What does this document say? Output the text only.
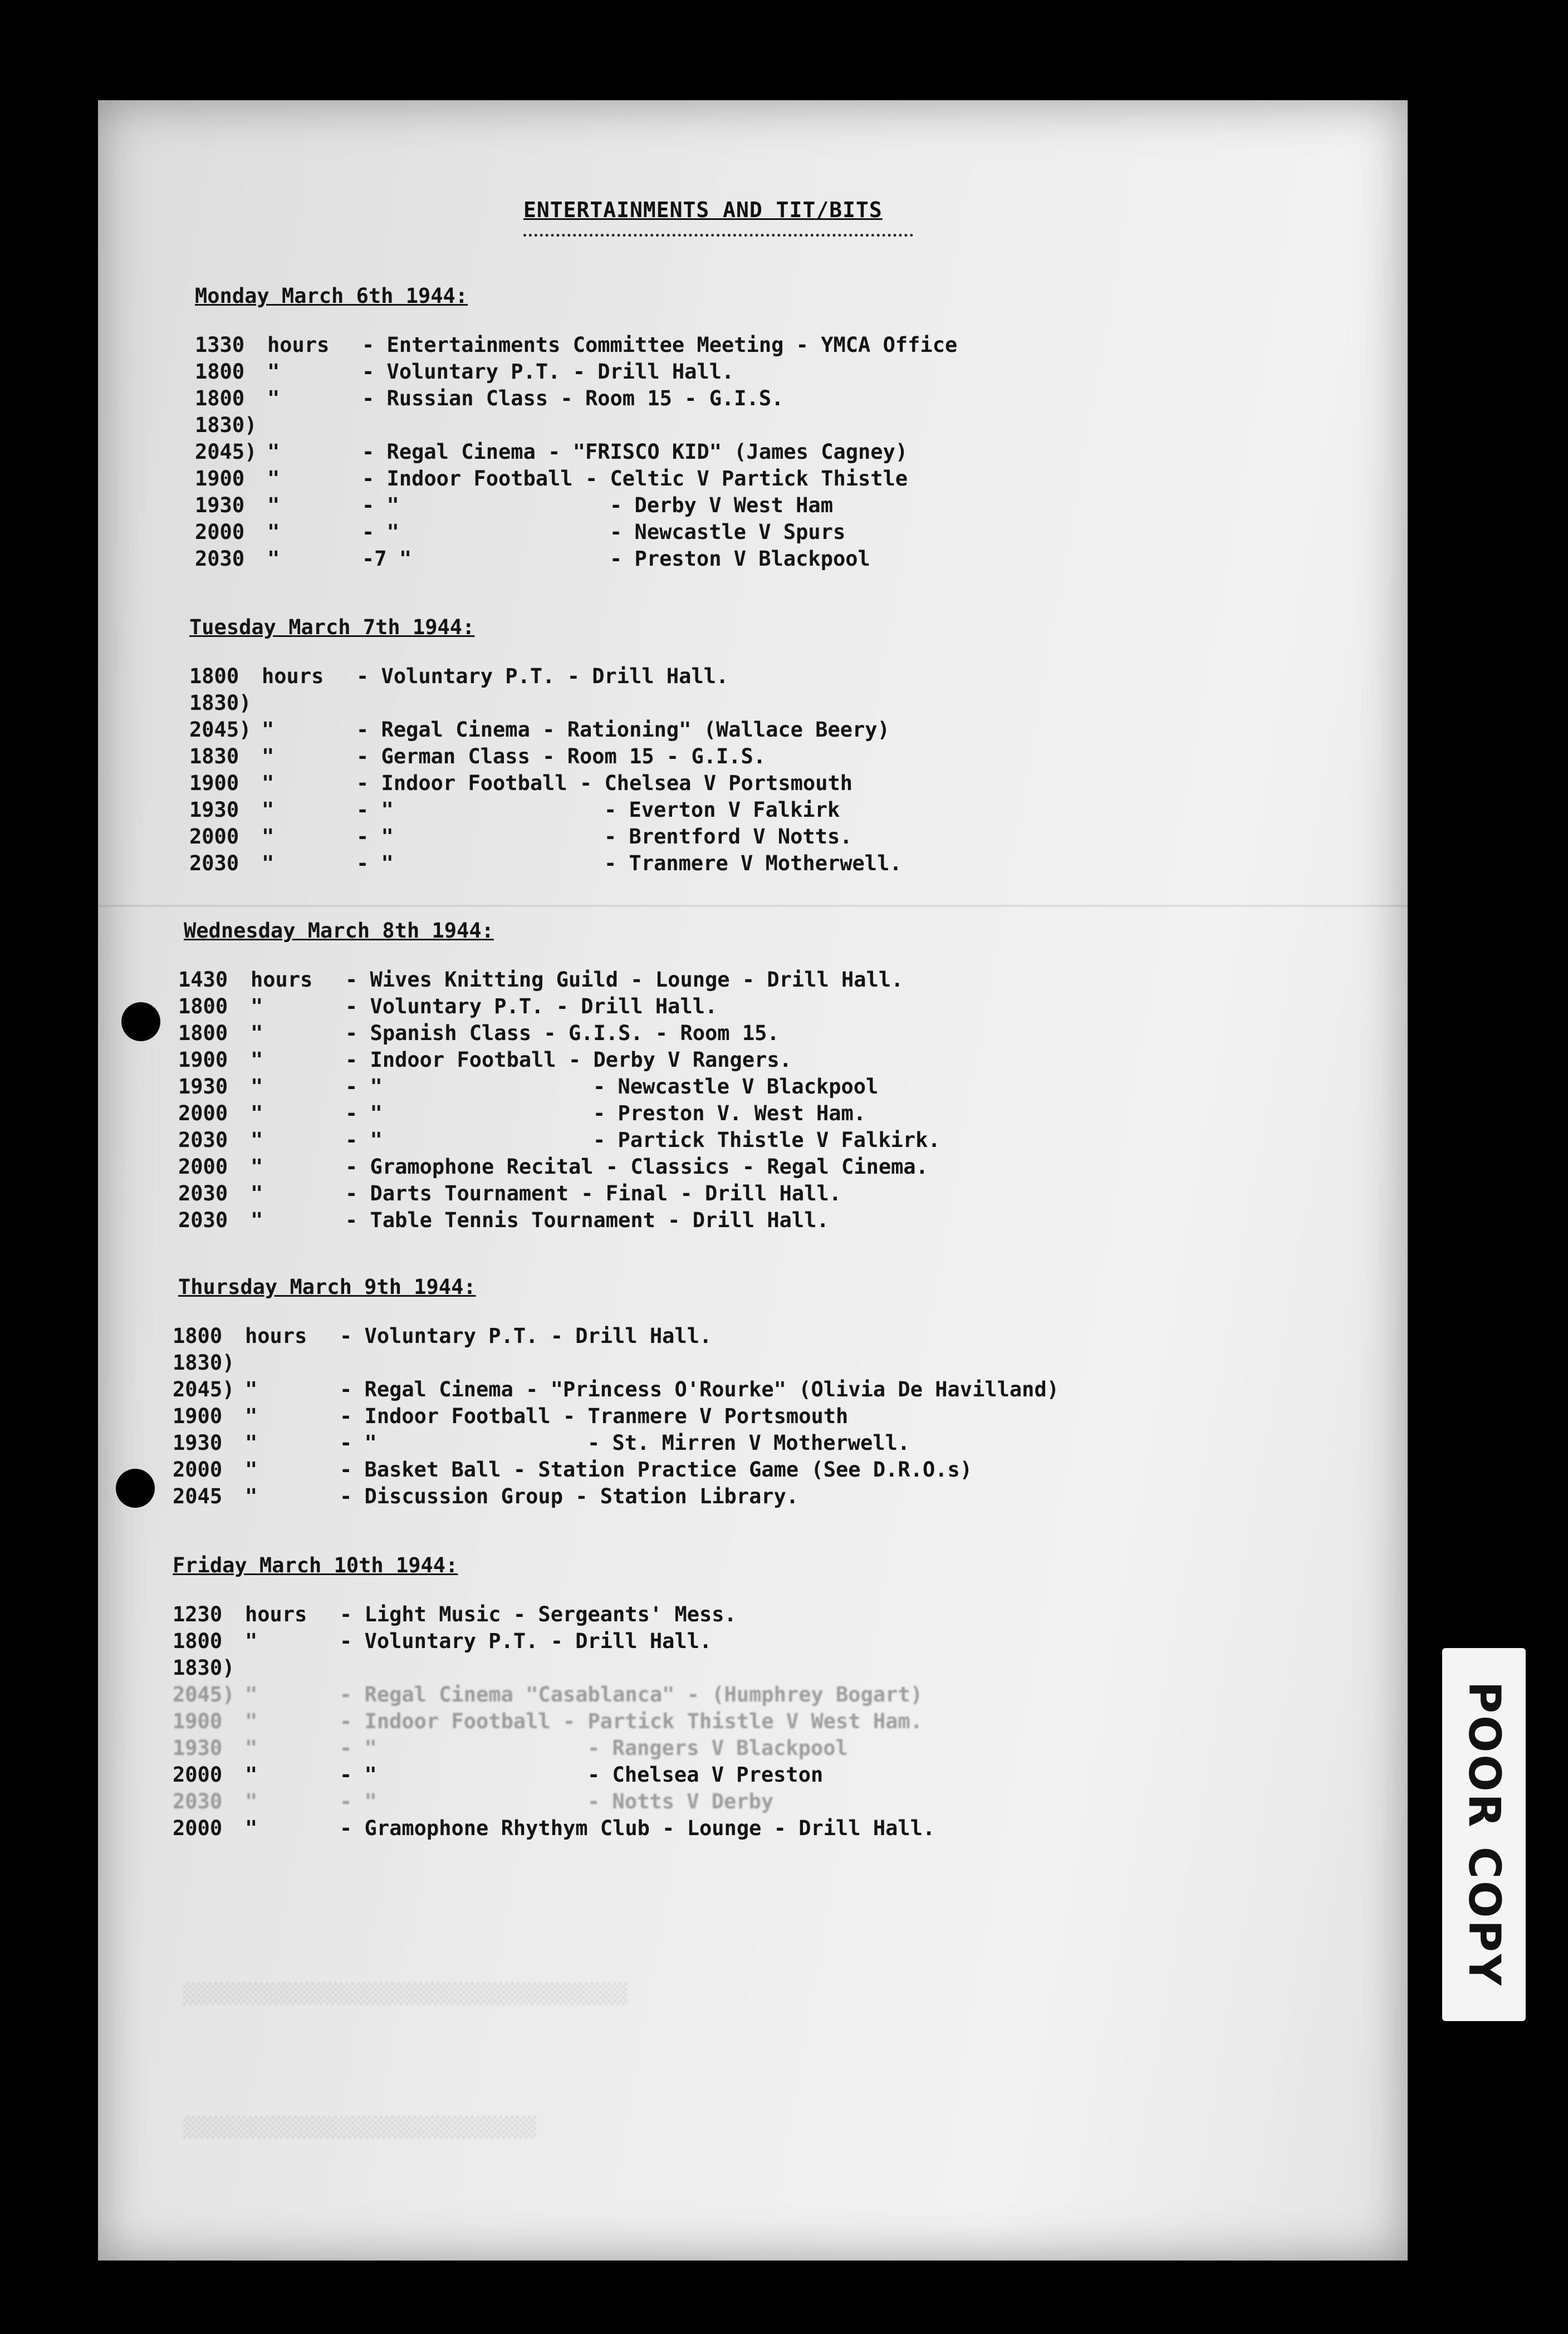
ENTERTAINMENTS AND TIT/BITS
Monday March 6th 1944:
1330 hours - Entertainments Committee Meeting - YMCA Office
1800 "	- Voluntary P.T. - Drill Hall.
1800 "	- Russian Class - Room 15 - G.I.S.
1830)
2045) "	- Regal Cinema - "FRISCO KID" (James Cagney)
1900 "	- Indoor Football - Celtic V Partick Thistle
1930 "	- "	- Derby V West Ham
2000 "	- "	- Newcastle V Spurs
2030 "	-7 "	- Preston V Blackpool
Tuesday March 7th 1944:
1800 hours - Voluntary P.T. - Drill Hall.
1830)
2045) "	- Regal Cinema - Rationing" (Wallace Beery)
1830 "	- German Class - Room 15 - G.I.S.
1900 "	- Indoor Football - Chelsea V Portsmouth
1930 "	- "	- Everton V Falkirk
2000 "	- "	- Brentford V Notts.
2030 "	- "	- Tranmere V Motherwell.
Wednesday March 8th 1944:
1430 hours - Wives Knitting Guild - Lounge - Drill Hall.
1800 "	- Voluntary P.T. - Drill Hall.
1800 "	- Spanish Class - G.I.S. - Room 15.
1900 "	- Indoor Football - Derby V Rangers.
1930 "	- "	- Newcastle V Blackpool
2000 "	- "	- Preston V. West Ham.
2030 "	- "	- Partick Thistle V Falkirk.
2000 "	- Gramophone Recital - Classics - Regal Cinema.
2030 "	- Darts Tournament - Final - Drill Hall.
2030 "	- Table Tennis Tournament - Drill Hall.
Thursday March 9th 1944:
1800 hours - Voluntary P.T. - Drill Hall.
1830)
2045) "	- Regal Cinema - "Princess O'Rourke" (Olivia De Havilland)
1900 "	- Indoor Football - Tranmere V Portsmouth
1930 "	- "	- St. Mirren V Motherwell.
2000 "	- Basket Ball - Station Practice Game (See D.R.O.s)
2045 "	- Discussion Group - Station Library.
Friday March 10th 1944:
1230 hours - Light Music - Sergeants' Mess.
1800 "	- Voluntary P.T. - Drill Hall.
1830)
2045) "	- Regal Cinema "Casablanca" - (Humphrey Bogart)
1900 "	- Indoor Football - Partick Thistle V West Ham.
1930 "	- "	- Rangers V Blackpool
2000 "	- "	- Chelsea V Preston
2030 "	- "	- Notts V Derby
2000 "	- Gramophone Rhythym Club - Lounge - Drill Hall.
░░░░░░░░░░░░░░░░░░░░░░░░░░░░░░░░░░░░░░░
░░░░░░░░░░░░░░░░░░░░░░░░░░░░░░░
POOR COPY
